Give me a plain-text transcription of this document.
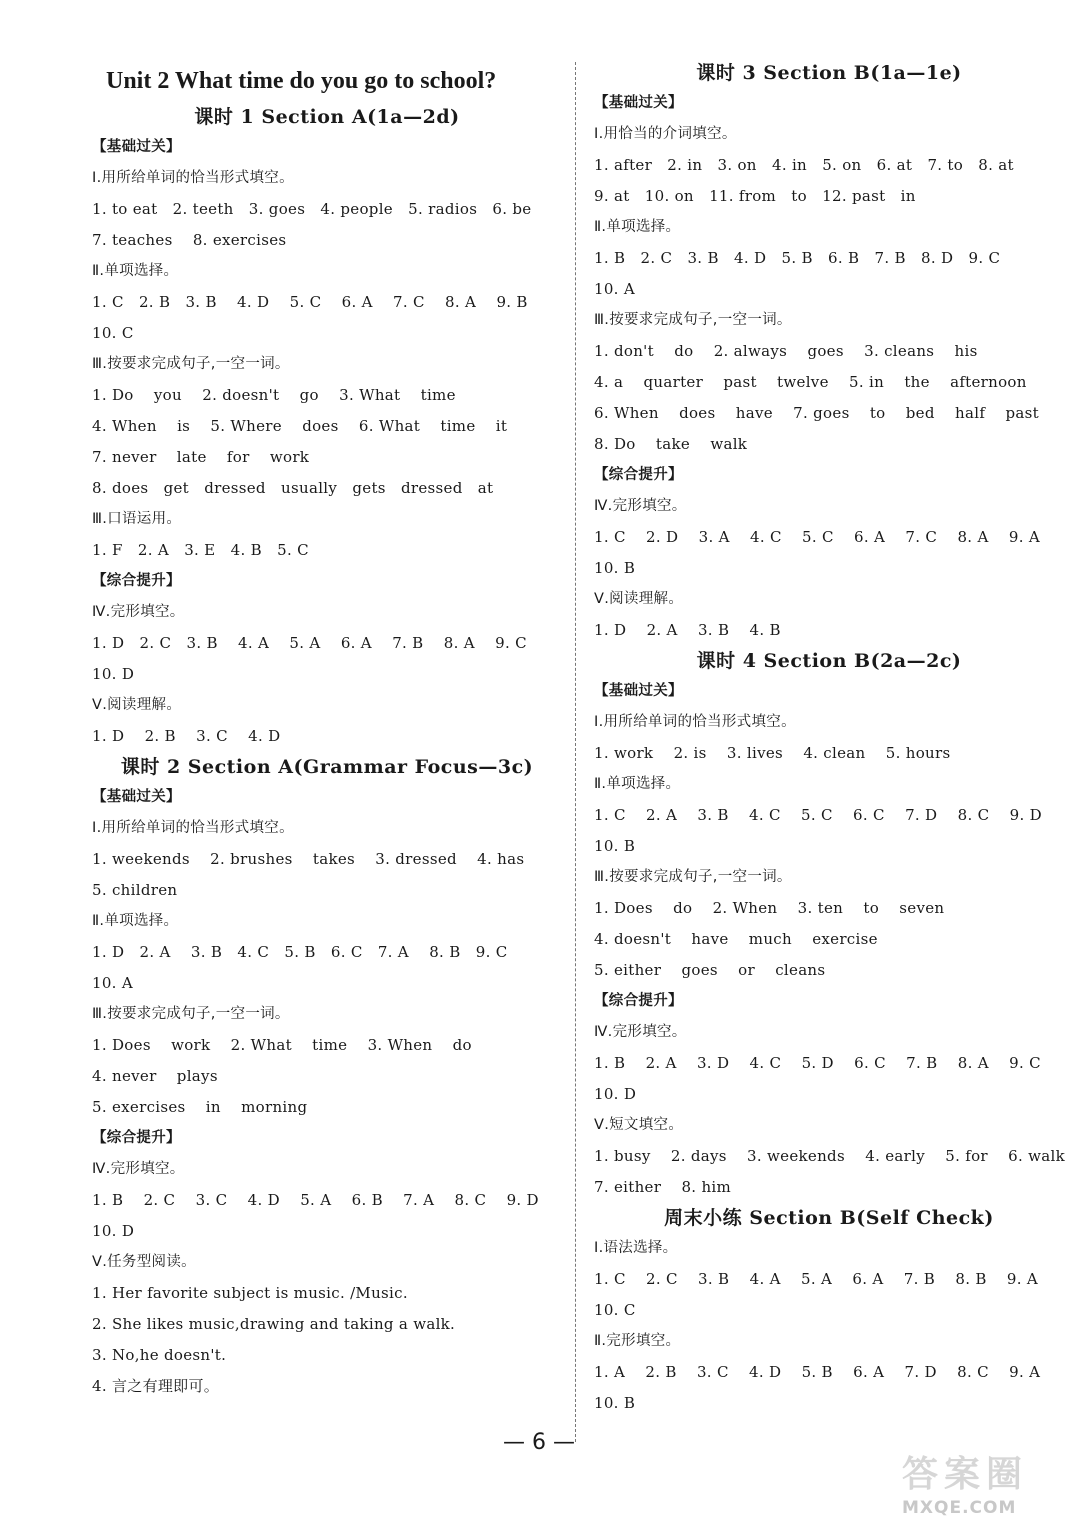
Unit 2 What time do you go to school?
课时 1 Section A(1a—2d)
【基础过关】
Ⅰ.用所给单词的恰当形式填空。
1. to eat   2. teeth   3. goes   4. people   5. radios   6. be
7. teaches    8. exercises
Ⅱ.单项选择。
1. C   2. B   3. B    4. D    5. C    6. A    7. C    8. A    9. B
10. C
Ⅲ.按要求完成句子,一空一词。
1. Do    you    2. doesn't    go    3. What    time
4. When    is    5. Where    does    6. What    time    it
7. never    late    for    work
8. does   get   dressed   usually   gets   dressed   at
Ⅲ.口语运用。
1. F   2. A   3. E   4. B   5. C
【综合提升】
Ⅳ.完形填空。
1. D   2. C   3. B    4. A    5. A    6. A    7. B    8. A    9. C
10. D
Ⅴ.阅读理解。
1. D    2. B    3. C    4. D
课时 2 Section A(Grammar Focus—3c)
【基础过关】
Ⅰ.用所给单词的恰当形式填空。
1. weekends    2. brushes    takes    3. dressed    4. has
5. children
Ⅱ.单项选择。
1. D   2. A    3. B   4. C   5. B   6. C   7. A    8. B   9. C
10. A
Ⅲ.按要求完成句子,一空一词。
1. Does    work    2. What    time    3. When    do
4. never    plays
5. exercises    in    morning
【综合提升】
Ⅳ.完形填空。
1. B    2. C    3. C    4. D    5. A    6. B    7. A    8. C    9. D
10. D
Ⅴ.任务型阅读。
1. Her favorite subject is music. /Music.
2. She likes music,drawing and taking a walk.
3. No,he doesn't.
4. 言之有理即可。
课时 3 Section B(1a—1e)
【基础过关】
Ⅰ.用恰当的介词填空。
1. after   2. in   3. on   4. in   5. on   6. at   7. to   8. at
9. at   10. on   11. from   to   12. past   in
Ⅱ.单项选择。
1. B   2. C   3. B   4. D   5. B   6. B   7. B   8. D   9. C
10. A
Ⅲ.按要求完成句子,一空一词。
1. don't    do    2. always    goes    3. cleans    his
4. a    quarter    past    twelve    5. in    the    afternoon
6. When    does    have    7. goes    to    bed    half    past
8. Do    take    walk
【综合提升】
Ⅳ.完形填空。
1. C    2. D    3. A    4. C    5. C    6. A    7. C    8. A    9. A
10. B
Ⅴ.阅读理解。
1. D    2. A    3. B    4. B
课时 4 Section B(2a—2c)
【基础过关】
Ⅰ.用所给单词的恰当形式填空。
1. work    2. is    3. lives    4. clean    5. hours
Ⅱ.单项选择。
1. C    2. A    3. B    4. C    5. C    6. C    7. D    8. C    9. D
10. B
Ⅲ.按要求完成句子,一空一词。
1. Does    do    2. When    3. ten    to    seven
4. doesn't    have    much    exercise
5. either    goes    or    cleans
【综合提升】
Ⅳ.完形填空。
1. B    2. A    3. D    4. C    5. D    6. C    7. B    8. A    9. C
10. D
Ⅴ.短文填空。
1. busy    2. days    3. weekends    4. early    5. for    6. walk
7. either    8. him
周末小练 Section B(Self Check)
Ⅰ.语法选择。
1. C    2. C    3. B    4. A    5. A    6. A    7. B    8. B    9. A
10. C
Ⅱ.完形填空。
1. A    2. B    3. C    4. D    5. B    6. A    7. D    8. C    9. A
10. B
— 6 —
答案圈
MXQE.COM
